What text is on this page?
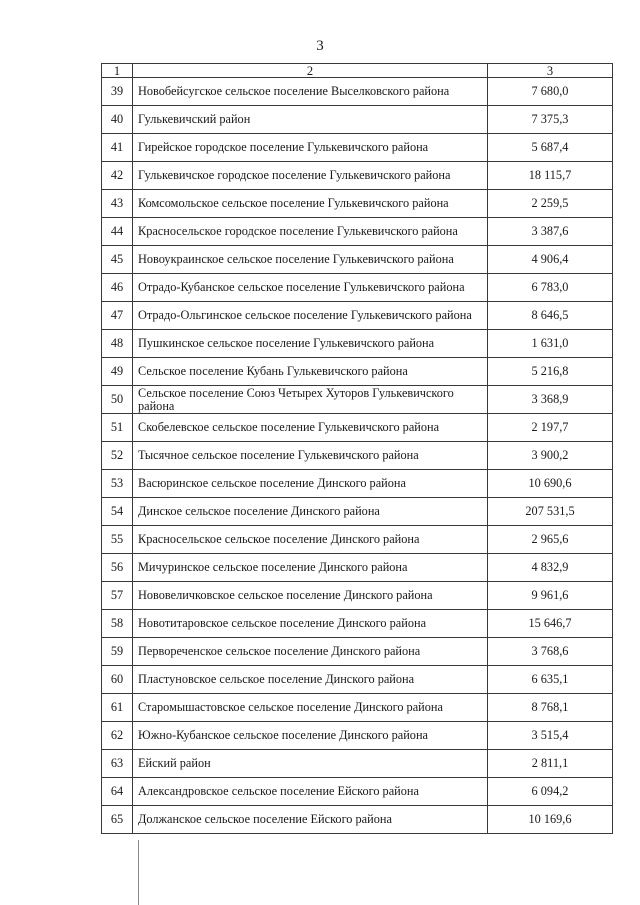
3
1	2	3
39	Новобейсугское сельское поселение Выселковского района	7 680,0
40	Гулькевичский район	7 375,3
41	Гирейское городское поселение Гулькевичского района	5 687,4
42	Гулькевичское городское поселение Гулькевичского района	18 115,7
43	Комсомольское сельское поселение Гулькевичского района	2 259,5
44	Красносельское городское поселение Гулькевичского района	3 387,6
45	Новоукраинское сельское поселение Гулькевичского района	4 906,4
46	Отрадо-Кубанское сельское поселение Гулькевичского района	6 783,0
47	Отрадо-Ольгинское сельское поселение Гулькевичского района	8 646,5
48	Пушкинское сельское поселение Гулькевичского района	1 631,0
49	Сельское поселение Кубань Гулькевичского района	5 216,8
50	Сельское поселение Союз Четырех Хуторов Гулькевичского района	3 368,9
51	Скобелевское сельское поселение Гулькевичского района	2 197,7
52	Тысячное сельское поселение Гулькевичского района	3 900,2
53	Васюринское сельское поселение Динского района	10 690,6
54	Динское сельское поселение Динского района	207 531,5
55	Красносельское сельское поселение Динского района	2 965,6
56	Мичуринское сельское поселение Динского района	4 832,9
57	Нововеличковское сельское поселение Динского района	9 961,6
58	Новотитаровское сельское поселение Динского района	15 646,7
59	Первореченское сельское поселение Динского района	3 768,6
60	Пластуновское сельское поселение Динского района	6 635,1
61	Старомышастовское сельское поселение Динского района	8 768,1
62	Южно-Кубанское сельское поселение Динского района	3 515,4
63	Ейский район	2 811,1
64	Александровское сельское поселение Ейского района	6 094,2
65	Должанское сельское поселение Ейского района	10 169,6
